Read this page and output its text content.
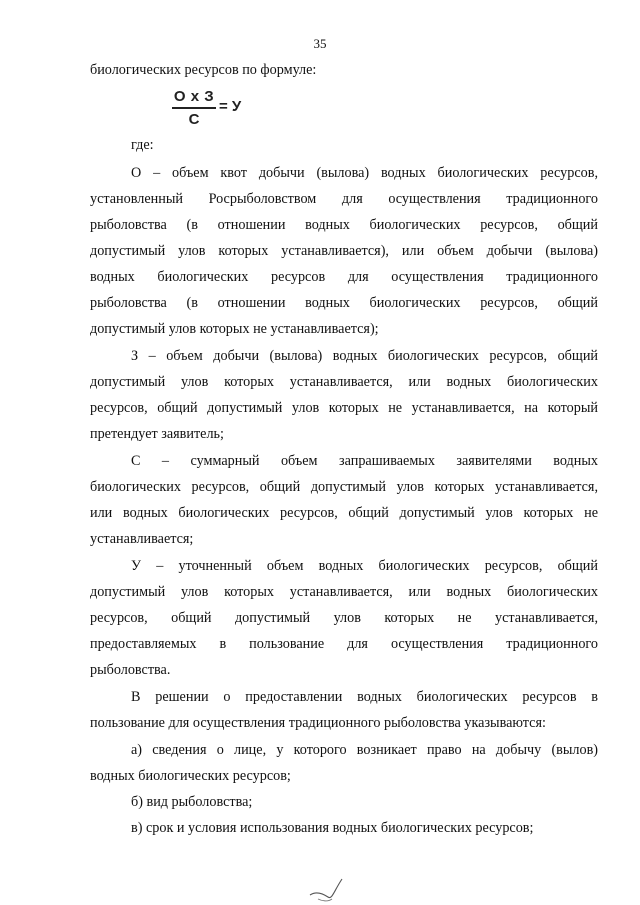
35
биологических ресурсов по формуле:
О х З
С
= У
где:
О – объем квот добычи (вылова) водных биологических ресурсов,
установленный Росрыболовством для осуществления традиционного
рыболовства (в отношении водных биологических ресурсов, общий
допустимый улов которых устанавливается), или объем добычи (вылова)
водных биологических ресурсов для осуществления традиционного
рыболовства (в отношении водных биологических ресурсов, общий
допустимый улов которых не устанавливается);
З – объем добычи (вылова) водных биологических ресурсов, общий
допустимый улов которых устанавливается, или водных биологических
ресурсов, общий допустимый улов которых не устанавливается, на который
претендует заявитель;
С – суммарный объем запрашиваемых заявителями водных
биологических ресурсов, общий допустимый улов которых устанавливается,
или водных биологических ресурсов, общий допустимый улов которых не
устанавливается;
У – уточненный объем водных биологических ресурсов, общий
допустимый улов которых устанавливается, или водных биологических
ресурсов, общий допустимый улов которых не устанавливается,
предоставляемых в пользование для осуществления традиционного
рыболовства.
В решении о предоставлении водных биологических ресурсов в
пользование для осуществления традиционного рыболовства указываются:
а) сведения о лице, у которого возникает право на добычу (вылов)
водных биологических ресурсов;
б) вид рыболовства;
в) срок и условия использования водных биологических ресурсов;
